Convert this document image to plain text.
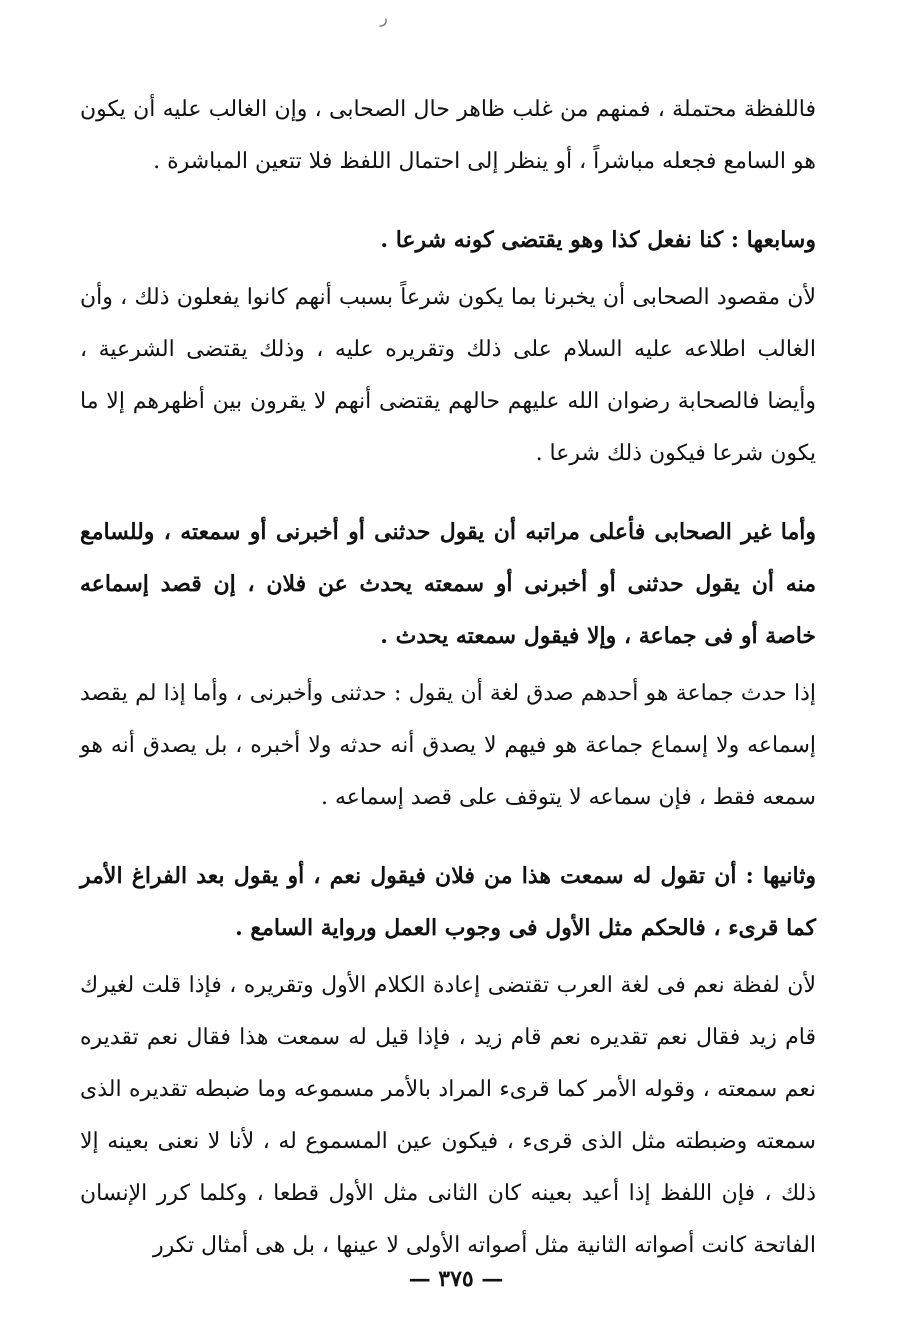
ﺭ

فاللفظة محتملة ، فمنهم من غلب ظاهر حال الصحابى ، وإن الغالب عليه أن يكون هو السامع فجعله مباشراً ، أو ينظر إلى احتمال اللفظ فلا تتعين المباشرة .

وسابعها : كنا نفعل كذا وهو يقتضى كونه شرعا .

لأن مقصود الصحابى أن يخبرنا بما يكون شرعاً بسبب أنهم كانوا يفعلون ذلك ، وأن الغالب اطلاعه عليه السلام على ذلك وتقريره عليه ، وذلك يقتضى الشرعية ، وأيضا فالصحابة رضوان الله عليهم حالهم يقتضى أنهم لا يقرون بين أظهرهم إلا ما يكون شرعا فيكون ذلك شرعا .

وأما غير الصحابى فأعلى مراتبه أن يقول حدثنى أو أخبرنى أو سمعته ، وللسامع منه أن يقول حدثنى أو أخبرنى أو سمعته يحدث عن فلان ، إن قصد إسماعه خاصة أو فى جماعة ، وإلا فيقول سمعته يحدث .

إذا حدث جماعة هو أحدهم صدق لغة أن يقول : حدثنى وأخبرنى ، وأما إذا لم يقصد إسماعه ولا إسماع جماعة هو فيهم لا يصدق أنه حدثه ولا أخبره ، بل يصدق أنه هو سمعه فقط ، فإن سماعه لا يتوقف على قصد إسماعه .

وثانيها : أن تقول له سمعت هذا من فلان فيقول نعم ، أو يقول بعد الفراغ الأمر كما قرىء ، فالحكم مثل الأول فى وجوب العمل ورواية السامع .

لأن لفظة نعم فى لغة العرب تقتضى إعادة الكلام الأول وتقريره ، فإذا قلت لغيرك قام زيد فقال نعم تقديره نعم قام زيد ، فإذا قيل له سمعت هذا فقال نعم تقديره نعم سمعته ، وقوله الأمر كما قرىء المراد بالأمر مسموعه وما ضبطه تقديره الذى سمعته وضبطته مثل الذى قرىء ، فيكون عين المسموع له ، لأنا لا نعنى بعينه إلا ذلك ، فإن اللفظ إذا أعيد بعينه كان الثانى مثل الأول قطعا ، وكلما كرر الإنسان الفاتحة كانت أصواته الثانية مثل أصواته الأولى لا عينها ، بل هى أمثال تكرر

— ٣٧٥ —
